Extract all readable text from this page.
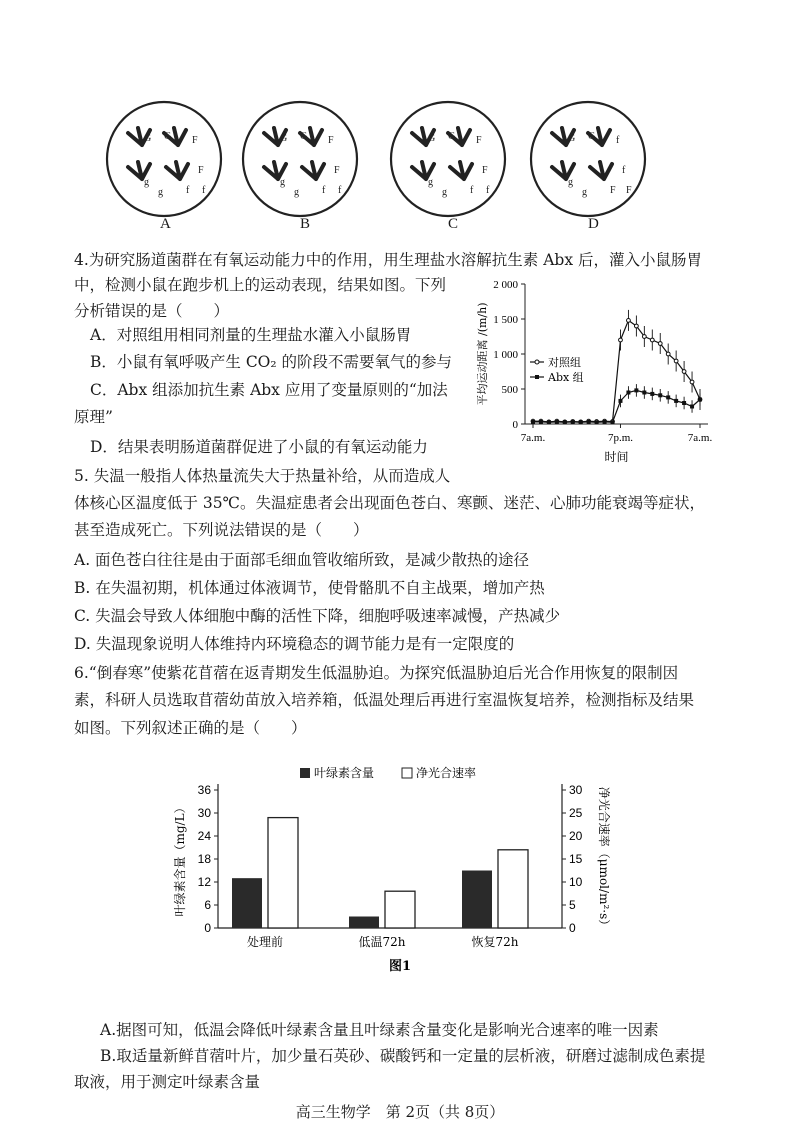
G G F
F
g
g f f
G G F
F
g
g f f
G G F
F
g
g f f
G G f
f
g
g F F
A	B	C	D
4.为研究肠道菌群在有氧运动能力中的作用，用生理盐水溶解抗生素 Abx 后，灌入小鼠肠胃
中，检测小鼠在跑步机上的运动表现，结果如图。下列
分析错误的是（　　）
A．对照组用相同剂量的生理盐水灌入小鼠肠胃
B．小鼠有氧呼吸产生 CO₂ 的阶段不需要氧气的参与
C．Abx 组添加抗生素 Abx 应用了变量原则的“加法
原理”
D．结果表明肠道菌群促进了小鼠的有氧运动能力
0
500
1 000
1 500
2 000
7a.m.	7p.m.	7a.m.
时间
平均运动距离 /(m/h)	对照组
Abx 组
5. 失温一般指人体热量流失大于热量补给，从而造成人
体核心区温度低于 35℃。失温症患者会出现面色苍白、寒颤、迷茫、心肺功能衰竭等症状，
甚至造成死亡。下列说法错误的是（　　）
A. 面色苍白往往是由于面部毛细血管收缩所致，是减少散热的途径
B. 在失温初期，机体通过体液调节，使骨骼肌不自主战栗，增加产热
C. 失温会导致人体细胞中酶的活性下降，细胞呼吸速率减慢，产热减少
D. 失温现象说明人体维持内环境稳态的调节能力是有一定限度的
6.“倒春寒”使紫花苜蓿在返青期发生低温胁迫。为探究低温胁迫后光合作用恢复的限制因
素，科研人员选取苜蓿幼苗放入培养箱，低温处理后再进行室温恢复培养，检测指标及结果
如图。下列叙述正确的是（　　）
0
6
12
18
24
30
36
0
5
10
15
20
25
30
处理前	低温72h	恢复72h
叶绿素含量	净光合速率
叶绿素含量（mg/L）	净光合速率（μmol/m²·s）
图1
A.据图可知，低温会降低叶绿素含量且叶绿素含量变化是影响光合速率的唯一因素
B.取适量新鲜苜蓿叶片，加少量石英砂、碳酸钙和一定量的层析液，研磨过滤制成色素提
取液，用于测定叶绿素含量
高三生物学　第 2页（共 8页）
